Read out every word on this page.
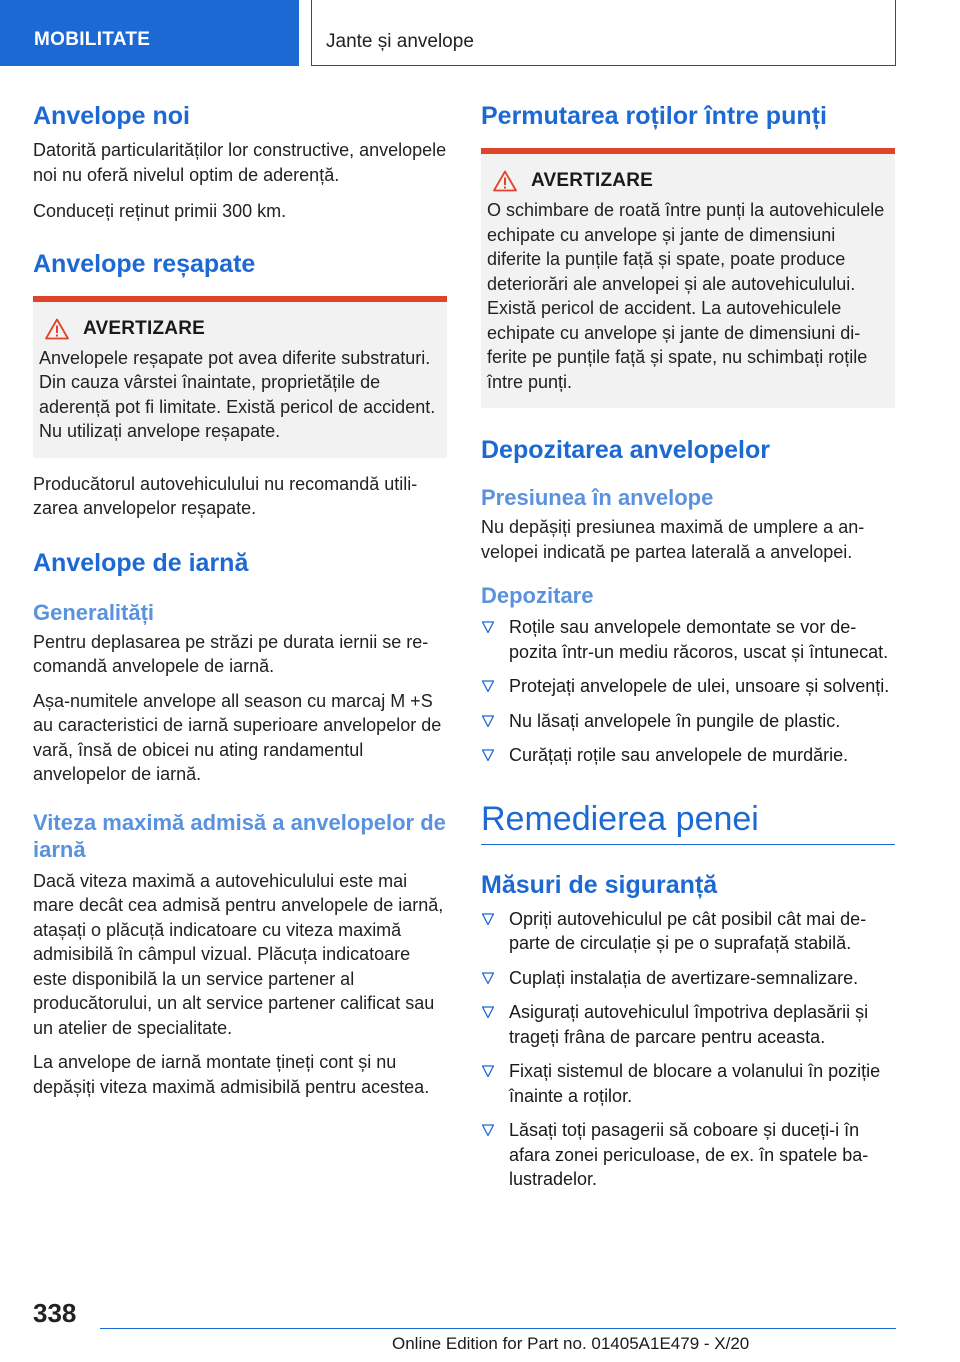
MOBILITATE	Jante și anvelope
Anvelope noi

Datorită particularităților lor constructive, anvelopele noi nu oferă nivelul optim de aderență.

Conduceți reținut primii 300 km.

Anvelope reșapate
AVERTIZARE

Anvelopele reșapate pot avea diferite substraturi. Din cauza vârstei înaintate, proprietățile de aderență pot fi limitate. Există pericol de accident. Nu utilizați anvelope reșapate.

Producătorul autovehiculului nu recomandă utilizarea anvelopelor reșapate.

Anvelope de iarnă
Generalități

Pentru deplasarea pe străzi pe durata iernii se recomandă anvelopele de iarnă.

Așa-numitele anvelope all season cu marcaj M +S au caracteristici de iarnă superioare anvelopelor de vară, însă de obicei nu ating randamentul anvelopelor de iarnă.

Viteza maximă admisă a anvelopelor de iarnă

Dacă viteza maximă a autovehiculului este mai mare decât cea admisă pentru anvelopele de iarnă, atașați o plăcuță indicatoare cu viteza maximă admisibilă în câmpul vizual. Plăcuța indicatoare este disponibilă la un service partener al producătorului, un alt service partener calificat sau un atelier de specialitate.

La anvelope de iarnă montate țineți cont și nu depășiți viteza maximă admisibilă pentru acestea.

Permutarea roților între punți
AVERTIZARE

O schimbare de roată între punți la autovehiculele echipate cu anvelope și jante de dimensiuni diferite la punțile față și spate, poate produce deteriorări ale anvelopei și ale autovehiculului. Există pericol de accident. La autovehiculele echipate cu anvelope și jante de dimensiuni diferite pe punțile față și spate, nu schimbați roțile între punți.

Depozitarea anvelopelor
Presiunea în anvelope

Nu depășiți presiunea maximă de umplere a anvelopei indicată pe partea laterală a anvelopei.

Depozitare
Roțile sau anvelopele demontate se vor depozita într-un mediu răcoros, uscat și întunecat.
Protejați anvelopele de ulei, unsoare și solvenți.
Nu lăsați anvelopele în pungile de plastic.
Curățați roțile sau anvelopele de murdărie.
Remedierea penei
Măsuri de siguranță
Opriți autovehiculul pe cât posibil cât mai departe de circulație și pe o suprafață stabilă.
Cuplați instalația de avertizare-semnalizare.
Asigurați autovehiculul împotriva deplasării și trageți frâna de parcare pentru aceasta.
Fixați sistemul de blocare a volanului în poziție înainte a roților.
Lăsați toți pasagerii să coboare și duceți-i în afara zonei periculoase, de ex. în spatele balustradelor.
338
Online Edition for Part no. 01405A1E479 - X/20
